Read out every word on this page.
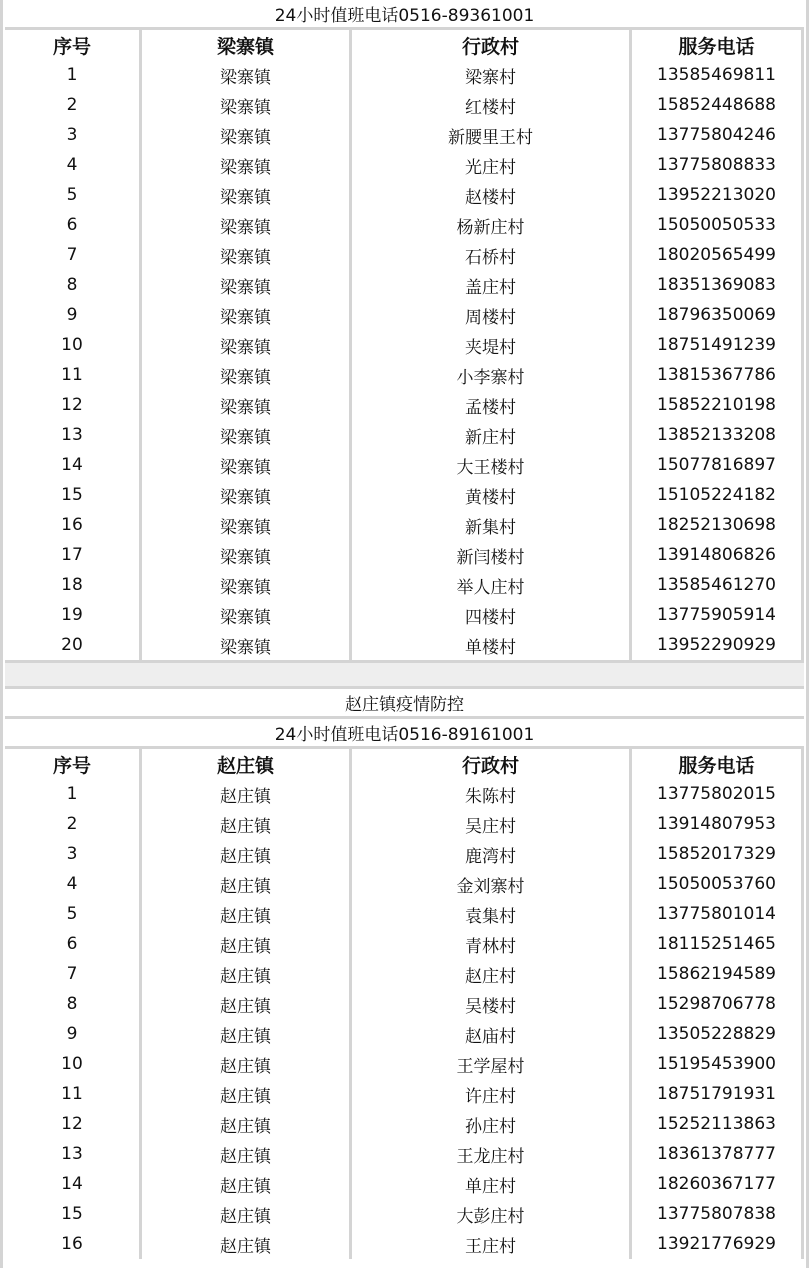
24小时值班电话0516-89361001
序号	梁寨镇	行政村	服务电话
1	梁寨镇	梁寨村	13585469811
2	梁寨镇	红楼村	15852448688
3	梁寨镇	新腰里王村	13775804246
4	梁寨镇	光庄村	13775808833
5	梁寨镇	赵楼村	13952213020
6	梁寨镇	杨新庄村	15050050533
7	梁寨镇	石桥村	18020565499
8	梁寨镇	盖庄村	18351369083
9	梁寨镇	周楼村	18796350069
10	梁寨镇	夹堤村	18751491239
11	梁寨镇	小李寨村	13815367786
12	梁寨镇	孟楼村	15852210198
13	梁寨镇	新庄村	13852133208
14	梁寨镇	大王楼村	15077816897
15	梁寨镇	黄楼村	15105224182
16	梁寨镇	新集村	18252130698
17	梁寨镇	新闫楼村	13914806826
18	梁寨镇	举人庄村	13585461270
19	梁寨镇	四楼村	13775905914
20	梁寨镇	单楼村	13952290929
赵庄镇疫情防控
24小时值班电话0516-89161001
序号	赵庄镇	行政村	服务电话
1	赵庄镇	朱陈村	13775802015
2	赵庄镇	吴庄村	13914807953
3	赵庄镇	鹿湾村	15852017329
4	赵庄镇	金刘寨村	15050053760
5	赵庄镇	袁集村	13775801014
6	赵庄镇	青林村	18115251465
7	赵庄镇	赵庄村	15862194589
8	赵庄镇	吴楼村	15298706778
9	赵庄镇	赵庙村	13505228829
10	赵庄镇	王学屋村	15195453900
11	赵庄镇	许庄村	18751791931
12	赵庄镇	孙庄村	15252113863
13	赵庄镇	王龙庄村	18361378777
14	赵庄镇	单庄村	18260367177
15	赵庄镇	大彭庄村	13775807838
16	赵庄镇	王庄村	13921776929
